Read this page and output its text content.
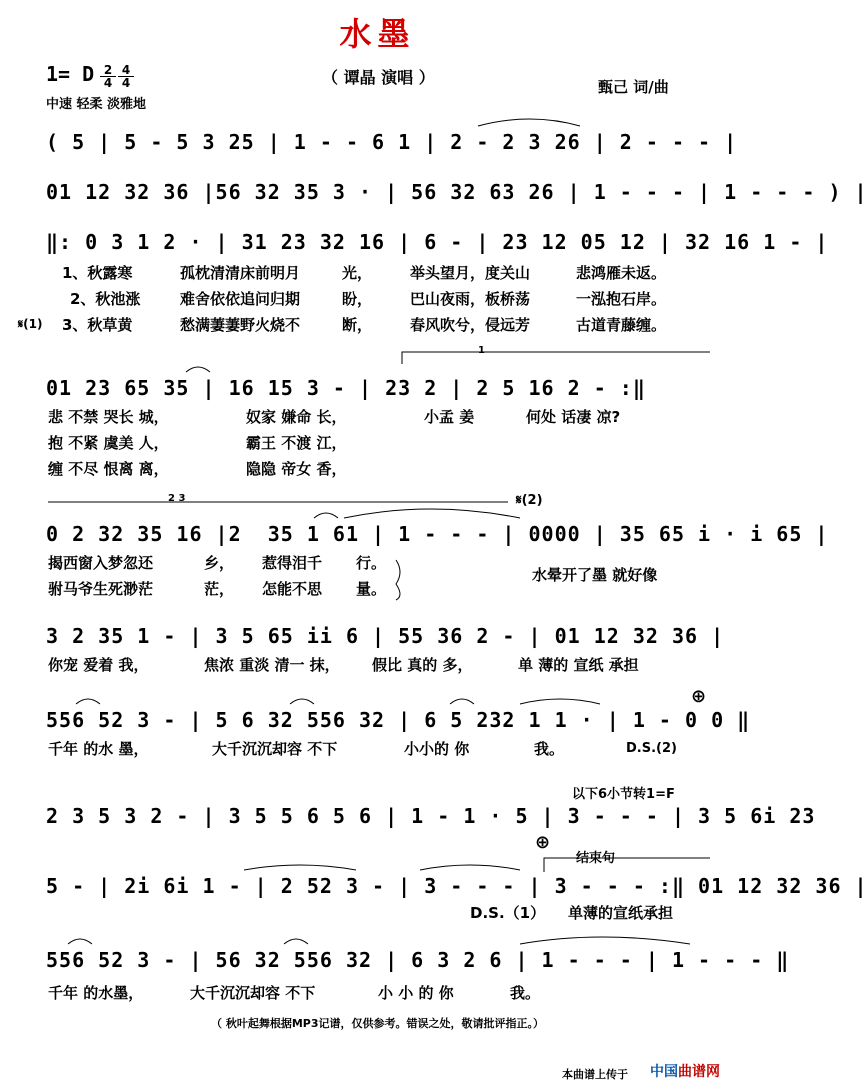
水墨
1= D $\frac{2}{4} \frac{4}{4}$
中速 轻柔 淡雅地
（ 谭晶 演唱 ）	甄己 词/曲
( 5 | 5 - 5 3 25 | 1 - - 6 1 | 2 - 2 3 26 | 2 - - - |
01 12 32 36 |56 32 35 3 · | 56 32 63 26 | 1 - - - | 1 - - - ) |
‖: 0 3 1 2 · | 31 23 32 16 | 6 - | 23 12 05 12 | 32 16 1 - |
01 23 65 35 | 16 15 3 - | 23 2 | 2 5 16 2 - :‖
0 2 32 35 16 |2  35 1 61 | 1 - - - | 0000 | 35 65 i · i 65 |
3 2 35 1 - | 3 5 65 ii 6 | 55 36 2 - | 01 12 32 36 |
556 52 3 - | 5 6 32 556 32 | 6 5 232 1 1 · | 1 - 0 0 ‖
2 3 5 3 2 - | 3 5 5 6 5 6 | 1 - 1 · 5 | 3 - - - | 3 5 6i 23
5 - | 2i 6i 1 - | 2 52 3 - | 3 - - - | 3 - - - :‖ 01 12 32 36 |
556 52 3 - | 56 32 556 32 | 6 3 2 6 | 1 - - - | 1 - - - ‖
1、秋露寒	孤枕清清床前明月	光，	举头望月，度关山	悲鸿雁未返。
2、秋池涨	难舍依依追问归期	盼，	巴山夜雨，板桥荡	一泓抱石岸。
𝄋(1) 3、秋草黄	愁满萋萋野火烧不	断，	春风吹兮，侵远芳	古道青藤缠。
悲 不禁 哭长 城，	奴家 嫌命 长，	小孟 姜	何处 话凄 凉?
抱 不紧 虞美 人，	霸王 不渡 江，
缠 不尽 恨离 离，	隐隐 帝女 香，
揭西窗入梦忽还	乡， 惹得泪千 行。
驸马爷生死渺茫	茫， 怎能不思 量。
水晕开了墨 就好像
你宠 爱着 我，	焦浓 重淡 清一 抹， 假比 真的 多，	单 薄的 宣纸 承担
千年 的水 墨，	大千沉沉却容 不下	小小的 你	我。	D.S.(2)
以下6小节转1=F
结束句
D.S.（1） 单薄的宣纸承担
千年 的水墨，	大千沉沉却容 不下	小 小 的 你	我。
1
2 3	𝄋(2)
⊕
⊕
（ 秋叶起舞根据MP3记谱，仅供参考。错误之处，敬请批评指正。）
本曲谱上传于 中国曲谱网
